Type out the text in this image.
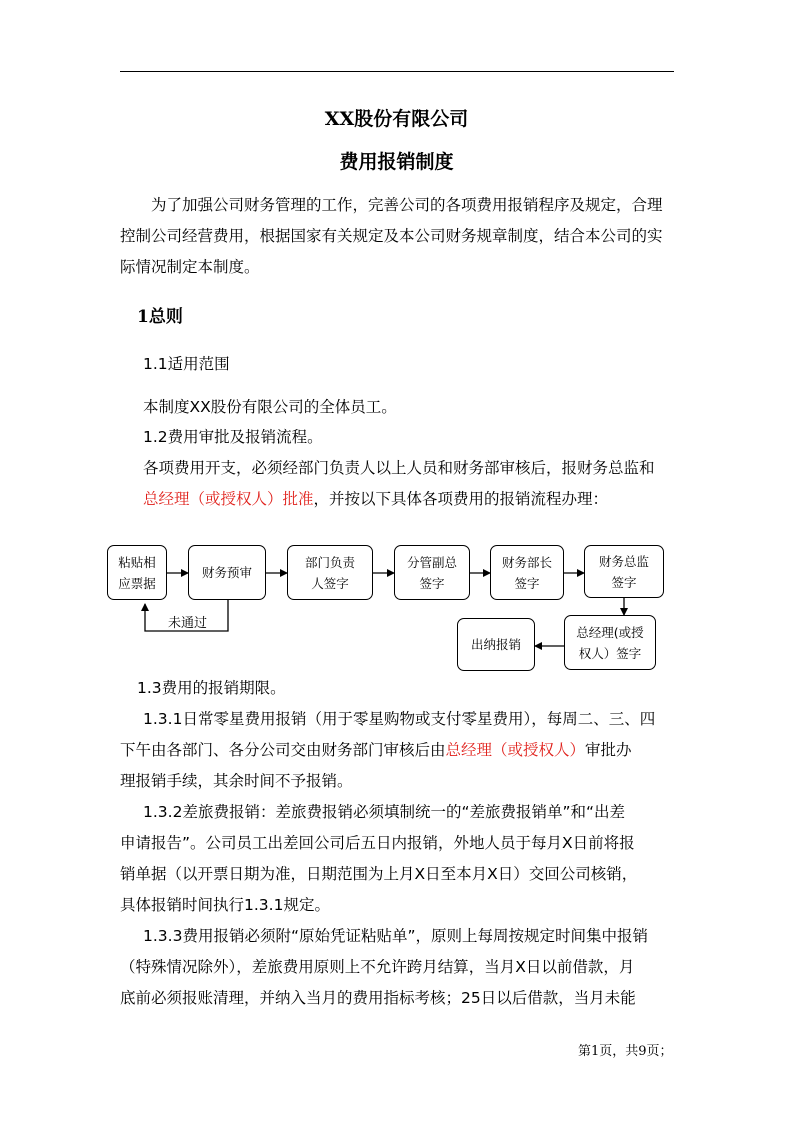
XX股份有限公司
费用报销制度
为了加强公司财务管理的工作，完善公司的各项费用报销程序及规定，合理控制公司经营费用，根据国家有关规定及本公司财务规章制度，结合本公司的实际情况制定本制度。
1总则
1.1适用范围
本制度XX股份有限公司的全体员工。
1.2费用审批及报销流程。
各项费用开支，必须经部门负责人以上人员和财务部审核后，报财务总监和
总经理（或授权人）批准，并按以下具体各项费用的报销流程办理：
粘贴相
应票据
财务预审
部门负责
人签字
分管副总
签字
财务部长
签字
财务总监
签字
总经理(或授
权人）签字
出纳报销
未通过
1.3费用的报销期限。
1.3.1日常零星费用报销（用于零星购物或支付零星费用），每周二、三、四
下午由各部门、各分公司交由财务部门审核后由总经理（或授权人）审批办
理报销手续，其余时间不予报销。
1.3.2差旅费报销：差旅费报销必须填制统一的“差旅费报销单”和“出差
申请报告”。公司员工出差回公司后五日内报销，外地人员于每月X日前将报
销单据（以开票日期为准，日期范围为上月X日至本月X日）交回公司核销，
具体报销时间执行1.3.1规定。
1.3.3费用报销必须附“原始凭证粘贴单”，原则上每周按规定时间集中报销
（特殊情况除外），差旅费用原则上不允许跨月结算，当月X日以前借款，月
底前必须报账清理，并纳入当月的费用指标考核；25日以后借款，当月未能
第1页，共9页；
